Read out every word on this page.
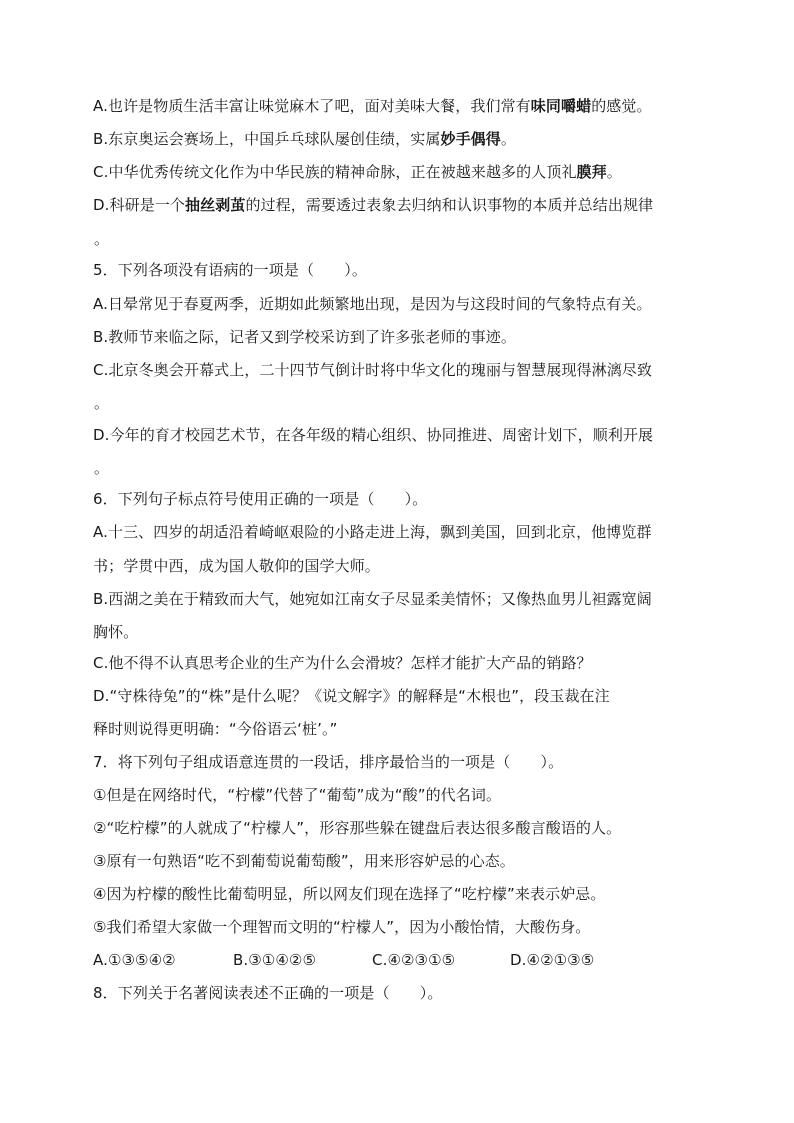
A.也许是物质生活丰富让味觉麻木了吧，面对美味大餐，我们常有味同嚼蜡的感觉。
B.东京奥运会赛场上，中国乒乓球队屡创佳绩，实属妙手偶得。
C.中华优秀传统文化作为中华民族的精神命脉，正在被越来越多的人顶礼膜拜。
D.科研是一个抽丝剥茧的过程，需要透过表象去归纳和认识事物的本质并总结出规律
。
5．下列各项没有语病的一项是（　　）。
A.日晕常见于春夏两季，近期如此频繁地出现，是因为与这段时间的气象特点有关。
B.教师节来临之际，记者又到学校采访到了许多张老师的事迹。
C.北京冬奥会开幕式上，二十四节气倒计时将中华文化的瑰丽与智慧展现得淋漓尽致
。
D.今年的育才校园艺术节，在各年级的精心组织、协同推进、周密计划下，顺利开展
。
6．下列句子标点符号使用正确的一项是（　　）。
A.十三、四岁的胡适沿着崎岖艰险的小路走进上海，飘到美国，回到北京，他博览群
书；学贯中西，成为国人敬仰的国学大师。
B.西湖之美在于精致而大气，她宛如江南女子尽显柔美情怀；又像热血男儿袒露宽阔
胸怀。
C.他不得不认真思考企业的生产为什么会滑坡？怎样才能扩大产品的销路？
D.“守株待兔”的“株”是什么呢？《说文解字》的解释是“木根也”，段玉裁在注
释时则说得更明确：“今俗语云‘桩’。”
7．将下列句子组成语意连贯的一段话，排序最恰当的一项是（　　）。
①但是在网络时代，“柠檬”代替了“葡萄”成为“酸”的代名词。
②“吃柠檬”的人就成了“柠檬人”，形容那些躲在键盘后表达很多酸言酸语的人。
③原有一句熟语“吃不到葡萄说葡萄酸”，用来形容妒忌的心态。
④因为柠檬的酸性比葡萄明显，所以网友们现在选择了“吃柠檬”来表示妒忌。
⑤我们希望大家做一个理智而文明的“柠檬人”，因为小酸怡情，大酸伤身。
A.①③⑤④②	B.③①④②⑤	C.④②③①⑤	D.④②①③⑤
8．下列关于名著阅读表述不正确的一项是（　　）。
